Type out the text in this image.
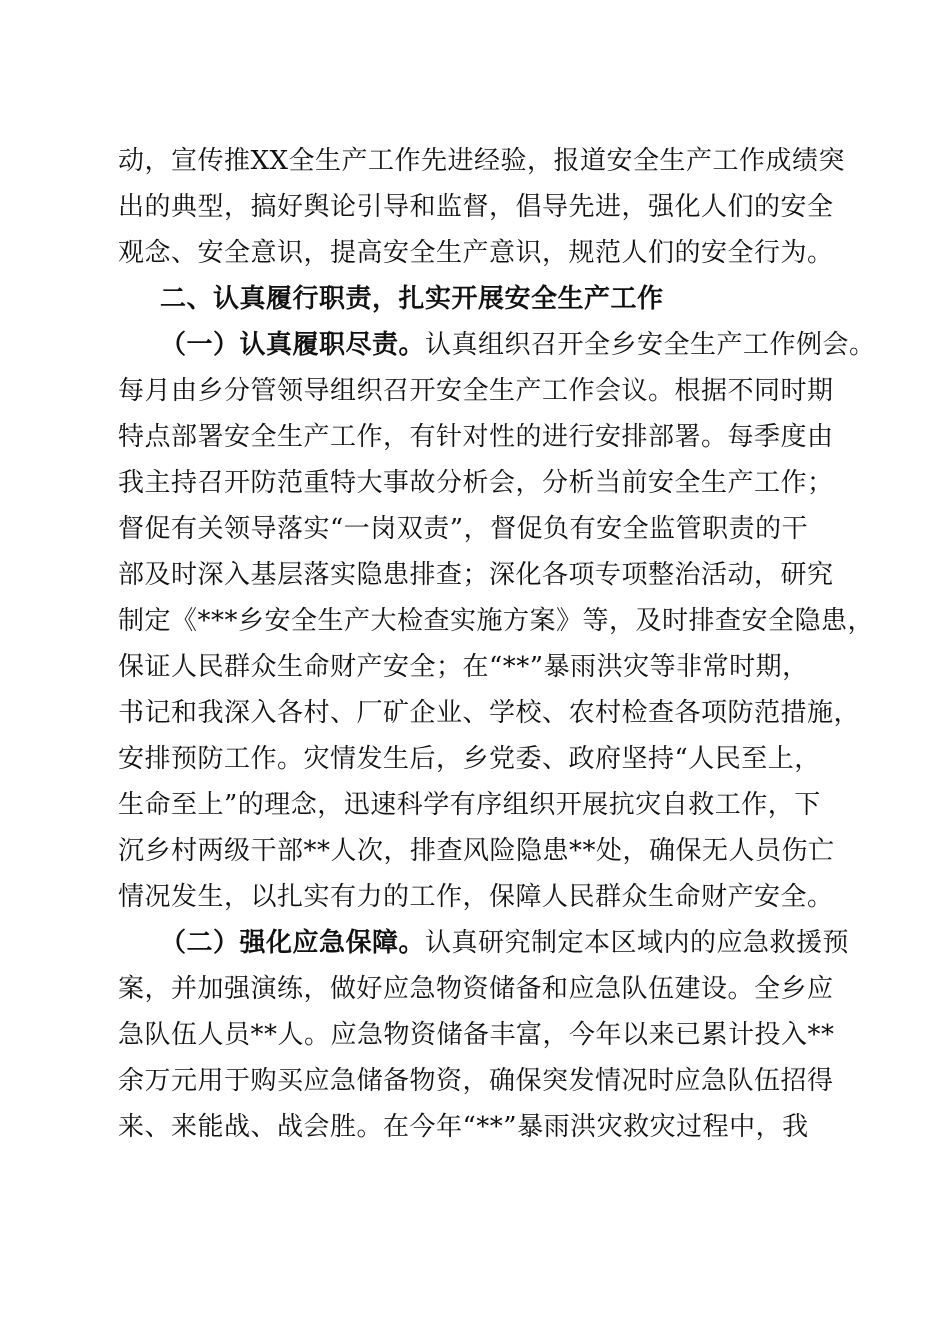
动，宣传推XX全生产工作先进经验，报道安全生产工作成绩突
出的典型，搞好舆论引导和监督，倡导先进，强化人们的安全
观念、安全意识，提高安全生产意识，规范人们的安全行为。
二、认真履行职责，扎实开展安全生产工作
（一）认真履职尽责。认真组织召开全乡安全生产工作例会。
每月由乡分管领导组织召开安全生产工作会议。根据不同时期
特点部署安全生产工作，有针对性的进行安排部署。每季度由
我主持召开防范重特大事故分析会，分析当前安全生产工作；
督促有关领导落实“一岗双责”，督促负有安全监管职责的干
部及时深入基层落实隐患排查；深化各项专项整治活动，研究
制定《***乡安全生产大检查实施方案》等，及时排查安全隐患，
保证人民群众生命财产安全；在“**”暴雨洪灾等非常时期，
书记和我深入各村、厂矿企业、学校、农村检查各项防范措施，
安排预防工作。灾情发生后，乡党委、政府坚持“人民至上，
生命至上”的理念，迅速科学有序组织开展抗灾自救工作，下
沉乡村两级干部**人次，排查风险隐患**处，确保无人员伤亡
情况发生，以扎实有力的工作，保障人民群众生命财产安全。
（二）强化应急保障。认真研究制定本区域内的应急救援预
案，并加强演练，做好应急物资储备和应急队伍建设。全乡应
急队伍人员**人。应急物资储备丰富，今年以来已累计投入**
余万元用于购买应急储备物资，确保突发情况时应急队伍招得
来、来能战、战会胜。在今年“**”暴雨洪灾救灾过程中，我
